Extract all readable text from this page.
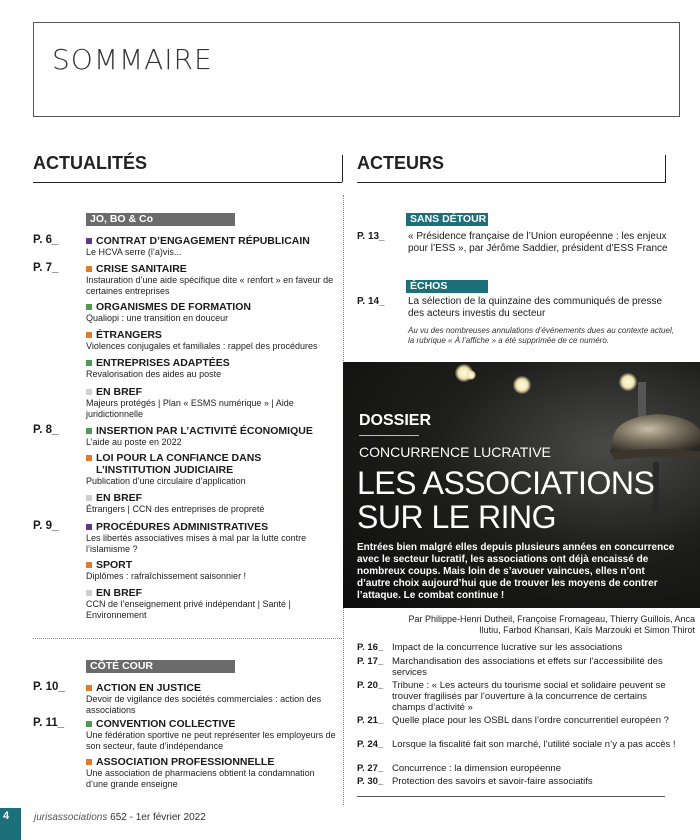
SOMMAIRE
ACTUALITÉS	ACTEURS
JO, BO & Co
P. 6_	CONTRAT D’ENGAGEMENT RÉPUBLICAIN
Le HCVA serre (l’a)vis...
P. 7_	CRISE SANITAIRE
Instauration d’une aide spécifique dite « renfort » en faveur de certaines entreprises
ORGANISMES DE FORMATION
Qualiopi : une transition en douceur
ÉTRANGERS
Violences conjugales et familiales : rappel des procédures
ENTREPRISES ADAPTÉES
Revalorisation des aides au poste
EN BREF
Majeurs protégés | Plan « ESMS numérique » | Aide juridictionnelle
P. 8_	INSERTION PAR L’ACTIVITÉ ÉCONOMIQUE
L’aide au poste en 2022
LOI POUR LA CONFIANCE DANS L’INSTITUTION JUDICIAIRE
Publication d’une circulaire d’application
EN BREF
Étrangers | CCN des entreprises de propreté
P. 9_	PROCÉDURES ADMINISTRATIVES
Les libertés associatives mises à mal par la lutte contre l’islamisme ?
SPORT
Diplômes : rafraîchissement saisonnier !
EN BREF
CCN de l’enseignement privé indépendant | Santé | Environnement
CÔTÉ COUR
P. 10_	ACTION EN JUSTICE
Devoir de vigilance des sociétés commerciales : action des associations
P. 11_	CONVENTION COLLECTIVE
Une fédération sportive ne peut représenter les employeurs de son secteur, faute d’indépendance
ASSOCIATION PROFESSIONNELLE
Une association de pharmaciens obtient la condamnation d’une grande enseigne
SANS DÉTOUR
P. 13_ « Présidence française de l’Union européenne : les enjeux pour l’ESS », par Jérôme Saddier, président d’ESS France
ÉCHOS
P. 14_ La sélection de la quinzaine des communiqués de presse des acteurs investis du secteur
Au vu des nombreuses annulations d’événements dues au contexte actuel, la rubrique « À l’affiche » a été supprimée de ce numéro.
DOSSIER
CONCURRENCE LUCRATIVE
LES ASSOCIATIONS
SUR LE RING
Entrées bien malgré elles depuis plusieurs années en concurrence avec le secteur lucratif, les associations ont déjà encaissé de nombreux coups. Mais loin de s’avouer vaincues, elles n’ont d’autre choix aujourd’hui que de trouver les moyens de contrer l’attaque. Le combat continue !
Par Philippe-Henri Dutheil, Françoise Fromageau, Thierry Guillois, Anca Ilutiu, Farbod Khansari, Kaïs Marzouki et Simon Thirot
P. 16_ Impact de la concurrence lucrative sur les associations
P. 17_ Marchandisation des associations et effets sur l’accessibilité des services
P. 20_ Tribune : « Les acteurs du tourisme social et solidaire peuvent se trouver fragilisés par l’ouverture à la concurrence de certains champs d’activité »
P. 21_ Quelle place pour les OSBL dans l’ordre concurrentiel européen ?
P. 24_ Lorsque la fiscalité fait son marché, l’utilité sociale n’y a pas accès !
P. 27_ Concurrence : la dimension européenne
P. 30_ Protection des savoirs et savoir-faire associatifs
4 jurisassociations 652 - 1er février 2022
